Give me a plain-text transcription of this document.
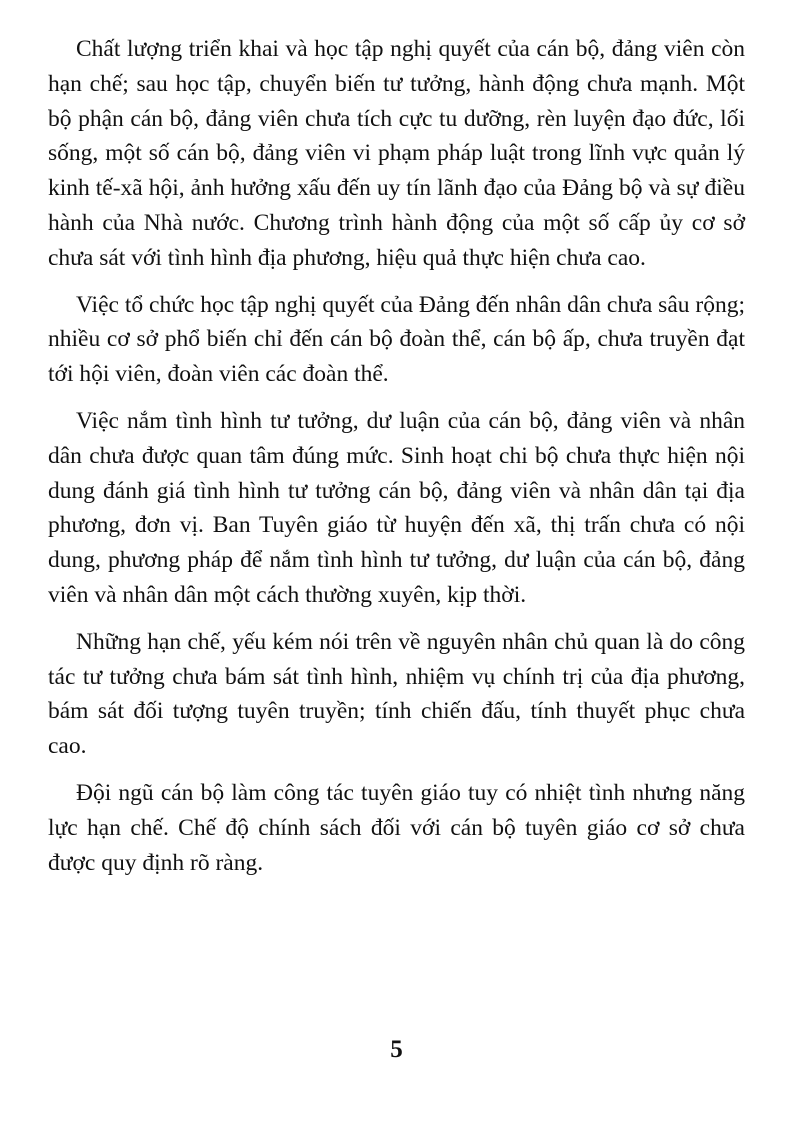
Chất lượng triển khai và học tập nghị quyết của cán bộ, đảng viên còn hạn chế; sau học tập, chuyển biến tư tưởng, hành động chưa mạnh. Một bộ phận cán bộ, đảng viên chưa tích cực tu dưỡng, rèn luyện đạo đức, lối sống, một số cán bộ, đảng viên vi phạm pháp luật trong lĩnh vực quản lý kinh tế-xã hội, ảnh hưởng xấu đến uy tín lãnh đạo của Đảng bộ và sự điều hành của Nhà nước. Chương trình hành động của một số cấp ủy cơ sở chưa sát với tình hình địa phương, hiệu quả thực hiện chưa cao.

Việc tổ chức học tập nghị quyết của Đảng đến nhân dân chưa sâu rộng; nhiều cơ sở phổ biến chỉ đến cán bộ đoàn thể, cán bộ ấp, chưa truyền đạt tới hội viên, đoàn viên các đoàn thể.

Việc nắm tình hình tư tưởng, dư luận của cán bộ, đảng viên và nhân dân chưa được quan tâm đúng mức. Sinh hoạt chi bộ chưa thực hiện nội dung đánh giá tình hình tư tưởng cán bộ, đảng viên và nhân dân tại địa phương, đơn vị. Ban Tuyên giáo từ huyện đến xã, thị trấn chưa có nội dung, phương pháp để nắm tình hình tư tưởng, dư luận của cán bộ, đảng viên và nhân dân một cách thường xuyên, kịp thời.

Những hạn chế, yếu kém nói trên về nguyên nhân chủ quan là do công tác tư tưởng chưa bám sát tình hình, nhiệm vụ chính trị của địa phương, bám sát đối tượng tuyên truyền; tính chiến đấu, tính thuyết phục chưa cao.

Đội ngũ cán bộ làm công tác tuyên giáo tuy có nhiệt tình nhưng năng lực hạn chế. Chế độ chính sách đối với cán bộ tuyên giáo cơ sở chưa được quy định rõ ràng.

5
